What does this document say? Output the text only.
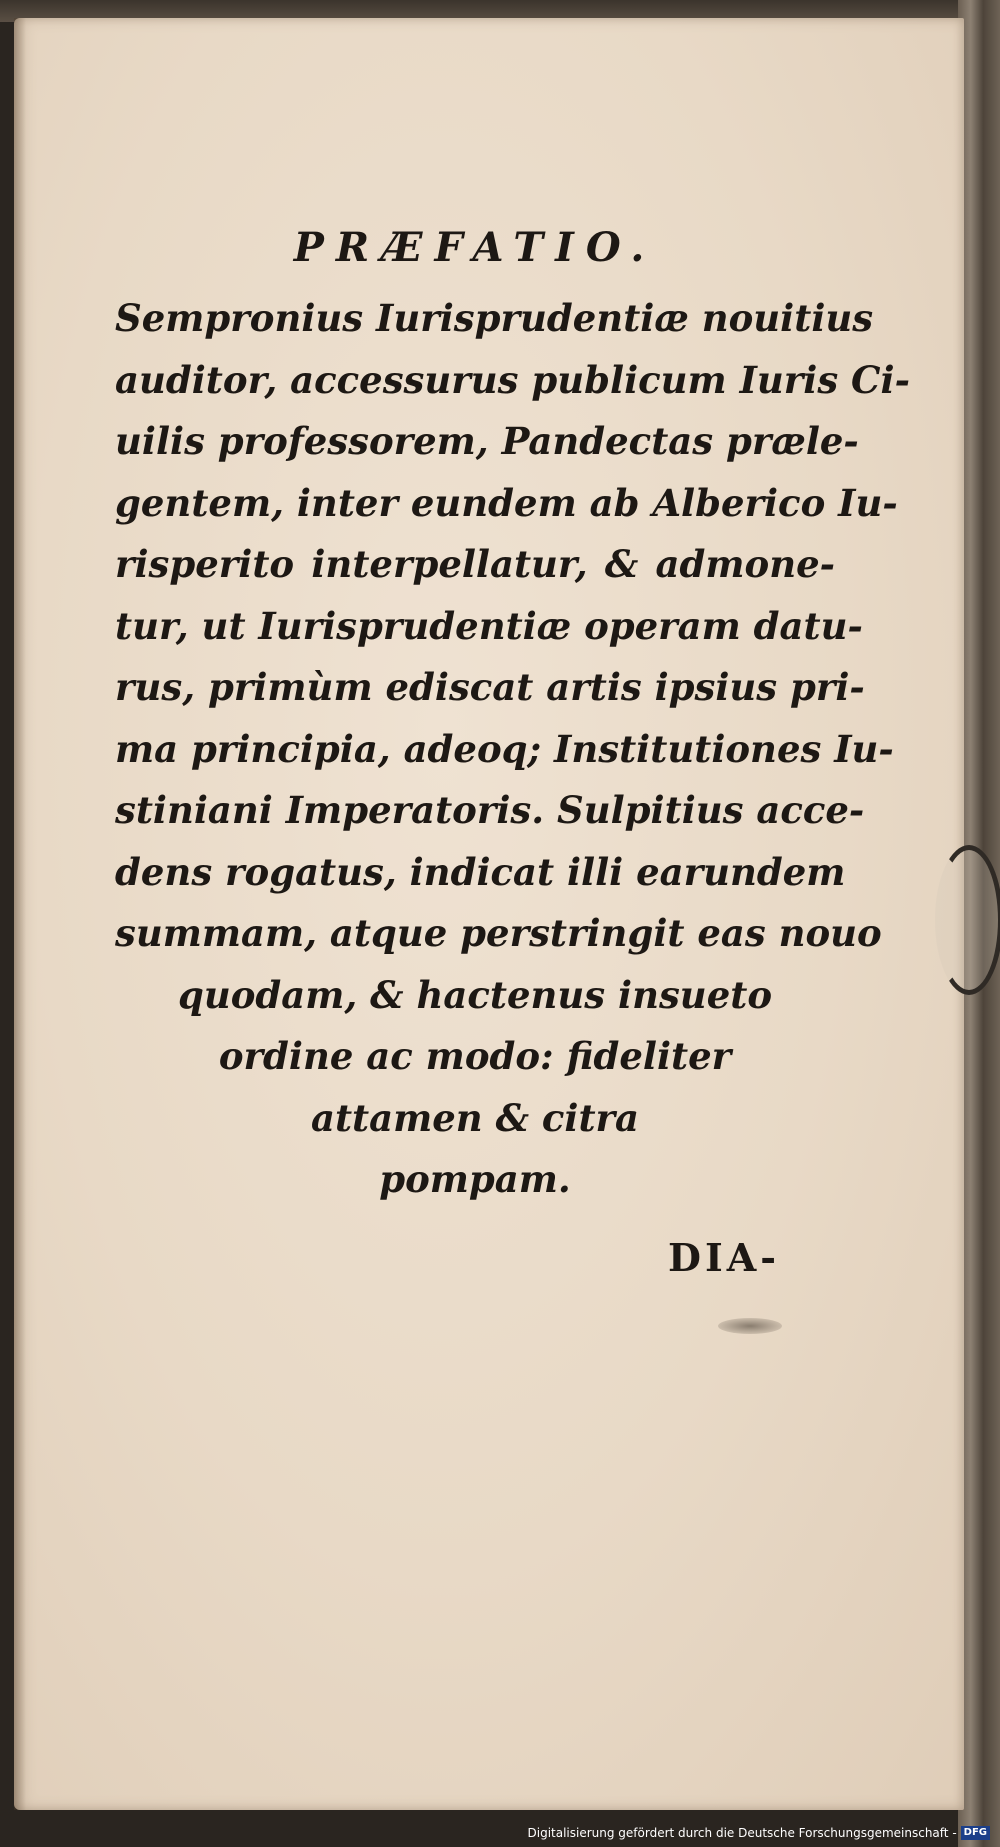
PRÆFATIO.
Sempronius Iurisprudentiæ nouitius
auditor, accessurus publicum Iuris Ci-
uilis professorem, Pandectas præle-
gentem, inter eundem ab Alberico Iu-
risperito interpellatur, & admone-
tur, ut Iurisprudentiæ operam datu-
rus, primùm ediscat artis ipsius pri-
ma principia, adeoq; Institutiones Iu-
stiniani Imperatoris. Sulpitius acce-
dens rogatus, indicat illi earundem
summam, atque perstringit eas nouo
quodam, & hactenus insueto
ordine ac modo: fideliter
attamen & citra
pompam.
DIA-
Digitalisierung gefördert durch die Deutsche Forschungsgemeinschaft - DFG
